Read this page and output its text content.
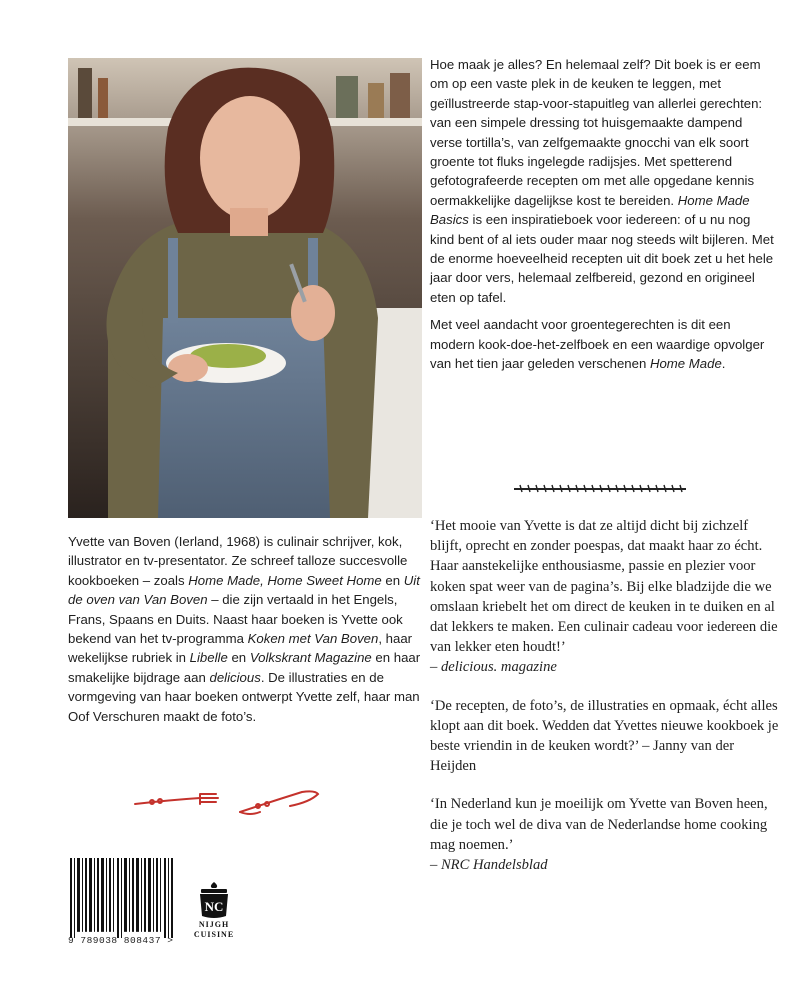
Hoe maak je alles? En helemaal zelf? Dit boek is er eem om op een vaste plek in de keuken te leggen, met geïllustreerde stap-voor-stapuitleg van allerlei gerechten: van een simpele dressing tot huisgemaakte dampend verse tortilla’s, van zelfgemaakte gnocchi van elk soort groente tot fluks ingelegde radijsjes. Met spetterend gefotografeerde recepten om met alle opgedane kennis oermakkelijke dagelijkse kost te bereiden. Home Made Basics is een inspiratieboek voor iedereen: of u nu nog kind bent of al iets ouder maar nog steeds wilt bijleren. Met de enorme hoeveelheid recepten uit dit boek zet u het hele jaar door vers, helemaal zelfbereid, gezond en origineel eten op tafel.

Met veel aandacht voor groentegerechten is dit een modern kook-doe-het-zelfboek en een waardige opvolger van het tien jaar geleden verschenen Home Made.

‘Het mooie van Yvette is dat ze altijd dicht bij zichzelf blijft, oprecht en zonder poespas, dat maakt haar zo écht. Haar aanstekelijke enthousiasme, passie en plezier voor koken spat weer van de pagina’s. Bij elke bladzijde die we omslaan kriebelt het om direct de keuken in te duiken en al dat lekkers te maken. Een culinair cadeau voor iedereen die van lekker eten houdt!’
– delicious. magazine
‘De recepten, de foto’s, de illustraties en opmaak, écht alles klopt aan dit boek. Wedden dat Yvettes nieuwe kookboek je beste vriendin in de keuken wordt?’ – Janny van der Heijden
‘In Nederland kun je moeilijk om Yvette van Boven heen, die je toch wel de diva van de Nederlandse home cooking mag noemen.’
– NRC Handelsblad
Yvette van Boven (Ierland, 1968) is culinair schrijver, kok, illustrator en tv-presentator. Ze schreef talloze succesvolle kookboeken – zoals Home Made, Home Sweet Home en Uit de oven van Van Boven – die zijn vertaald in het Engels, Frans, Spaans en Duits. Naast haar boeken is Yvette ook bekend van het tv-programma Koken met Van Boven, haar wekelijkse rubriek in Libelle en Volkskrant Magazine en haar smakelijke bijdrage aan delicious. De illustraties en de vormgeving van haar boeken ontwerpt Yvette zelf, haar man Oof Verschuren maakt de foto’s.
9 789038 808437 >
NC
NIJGH
CUISINE
